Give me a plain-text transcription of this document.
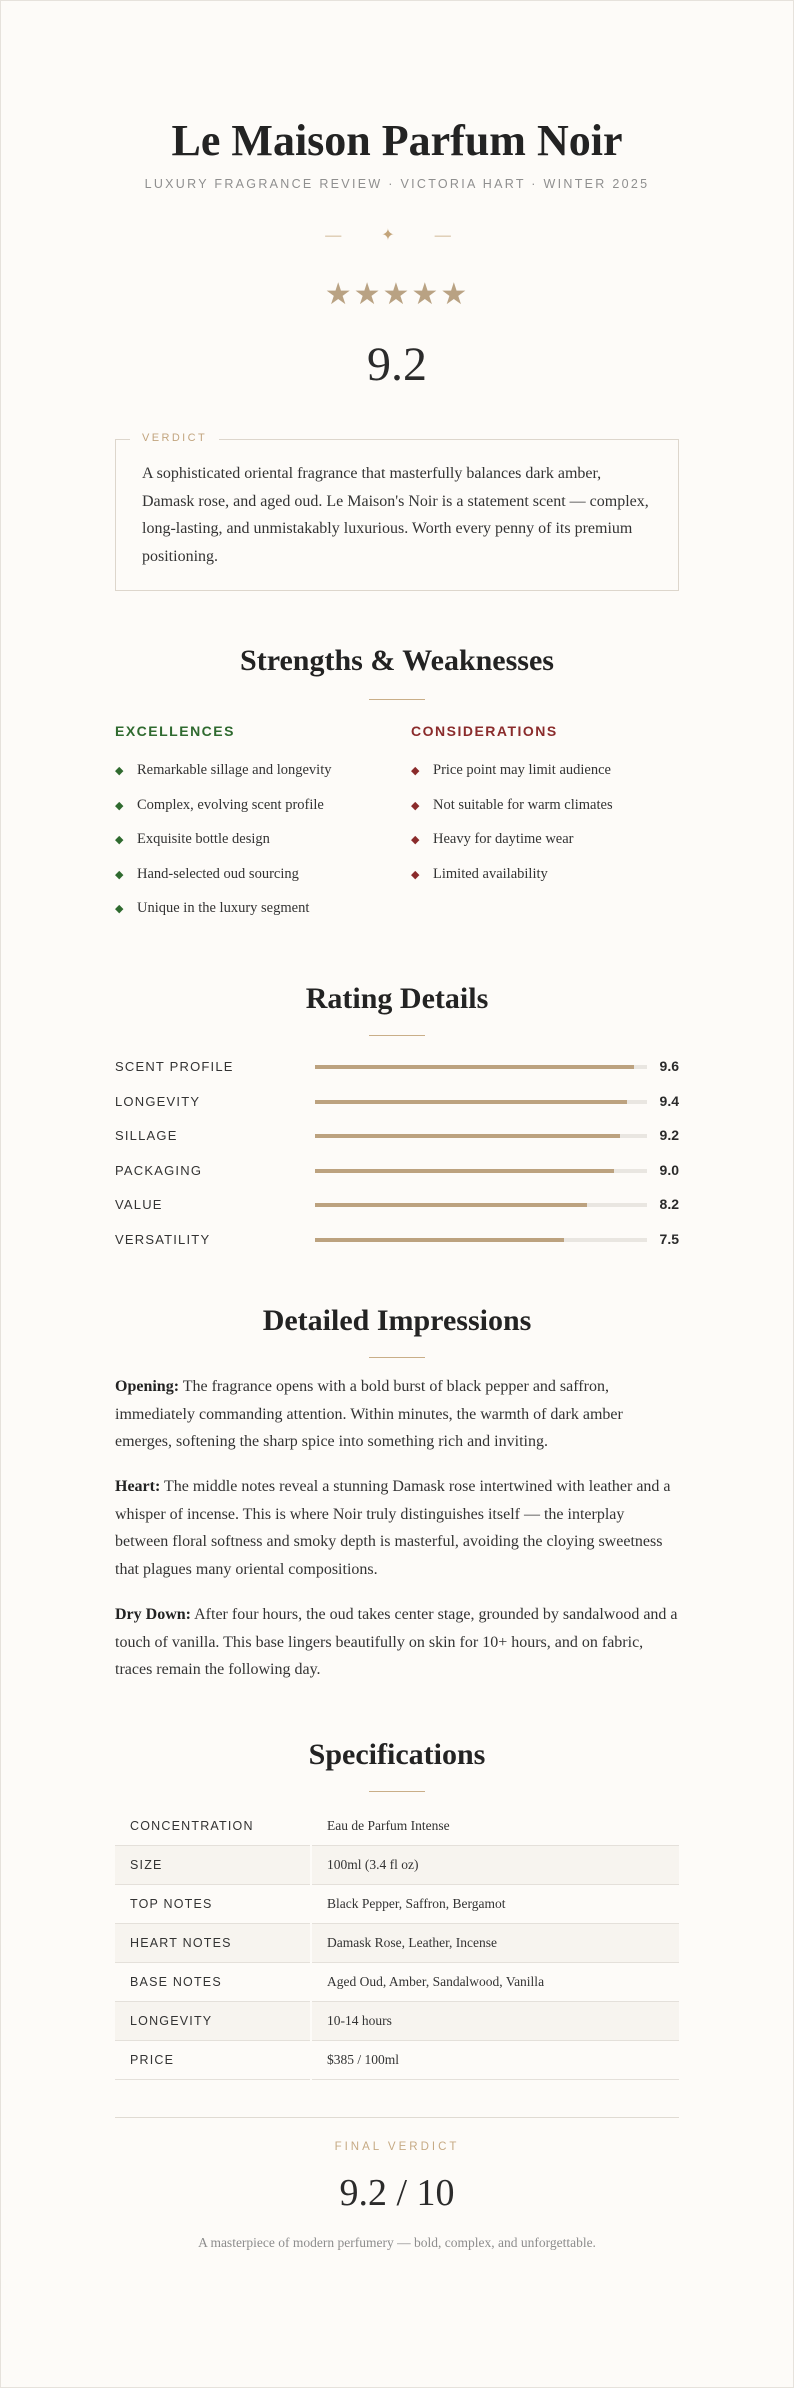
Le Maison Parfum Noir
LUXURY FRAGRANCE REVIEW · VICTORIA HART · WINTER 2025
— ✦ —
★★★★★
9.2
VERDICT
A sophisticated oriental fragrance that masterfully balances dark amber, Damask rose, and aged oud. Le Maison's Noir is a statement scent — complex, long-lasting, and unmistakably luxurious. Worth every penny of its premium positioning.
Strengths & Weaknesses
EXCELLENCES	CONSIDERATIONS
◆ Remarkable sillage and longevity
◆ Complex, evolving scent profile
◆ Exquisite bottle design
◆ Hand-selected oud sourcing
◆ Unique in the luxury segment
◆ Price point may limit audience
◆ Not suitable for warm climates
◆ Heavy for daytime wear
◆ Limited availability
Rating Details
SCENT PROFILE	9.6
LONGEVITY	9.4
SILLAGE	9.2
PACKAGING	9.0
VALUE	8.2
VERSATILITY	7.5
Detailed Impressions

Opening: The fragrance opens with a bold burst of black pepper and saffron, immediately commanding attention. Within minutes, the warmth of dark amber emerges, softening the sharp spice into something rich and inviting.

Heart: The middle notes reveal a stunning Damask rose intertwined with leather and a whisper of incense. This is where Noir truly distinguishes itself — the interplay between floral softness and smoky depth is masterful, avoiding the cloying sweetness that plagues many oriental compositions.

Dry Down: After four hours, the oud takes center stage, grounded by sandalwood and a touch of vanilla. This base lingers beautifully on skin for 10+ hours, and on fabric, traces remain the following day.

Specifications
CONCENTRATION	Eau de Parfum Intense
SIZE	100ml (3.4 fl oz)
TOP NOTES	Black Pepper, Saffron, Bergamot
HEART NOTES	Damask Rose, Leather, Incense
BASE NOTES	Aged Oud, Amber, Sandalwood, Vanilla
LONGEVITY	10-14 hours
PRICE	$385 / 100ml
FINAL VERDICT
9.2 / 10
A masterpiece of modern perfumery — bold, complex, and unforgettable.
